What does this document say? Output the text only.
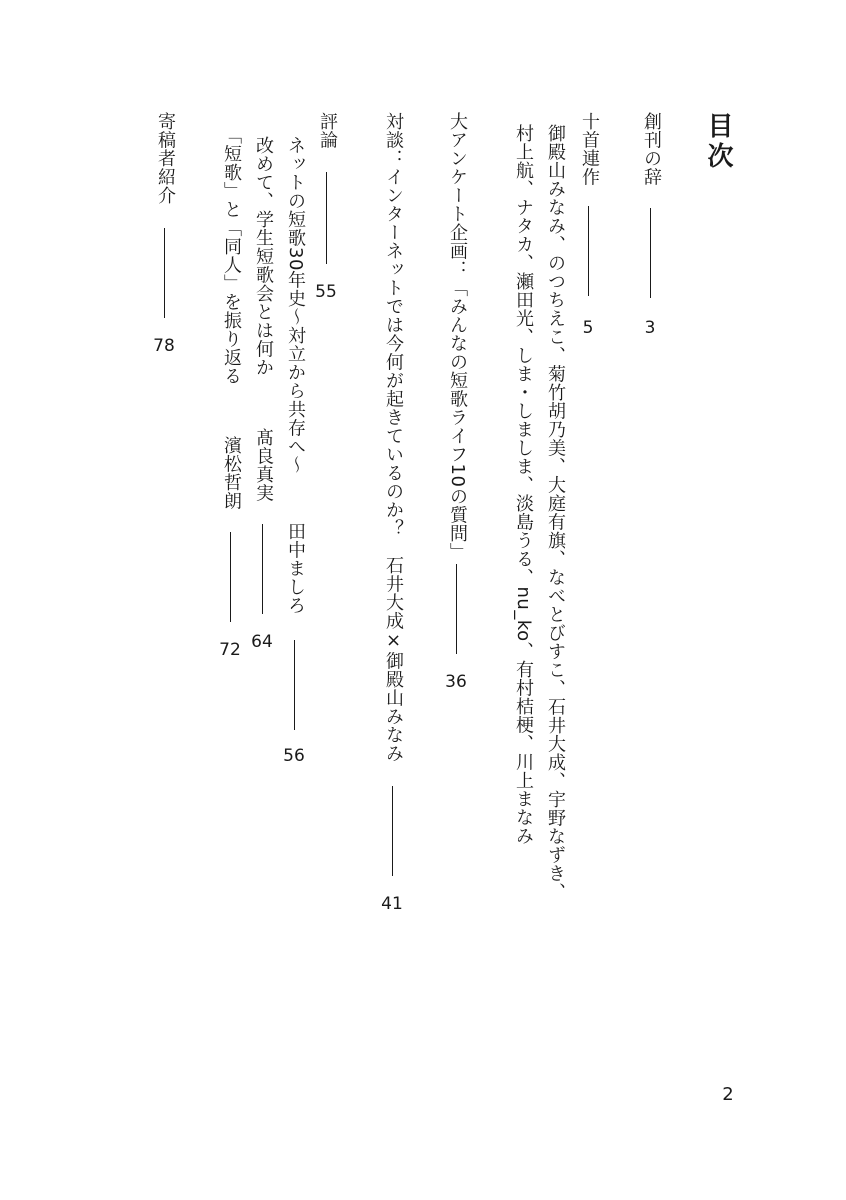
目次
創刊の辞
3
十首連作
5
御殿山みなみ、のつちえこ、菊竹胡乃美、大庭有旗、なべとびすこ、石井大成、宇野なずき、
村上航、ナタカ、瀬田光、しま・しましま、淡島うる、nu_ko、有村桔梗、川上まなみ
大アンケート企画：「みんなの短歌ライフ10の質問」
36
対談：インターネットでは今何が起きているのか？
石井大成×御殿山みなみ
41
評論
55
ネットの短歌30年史〜対立から共存へ〜
田中ましろ
56
改めて、学生短歌会とは何か
髙良真実
64
「短歌」と「同人」を振り返る
濱松哲朗
72
寄稿者紹介
78
2
